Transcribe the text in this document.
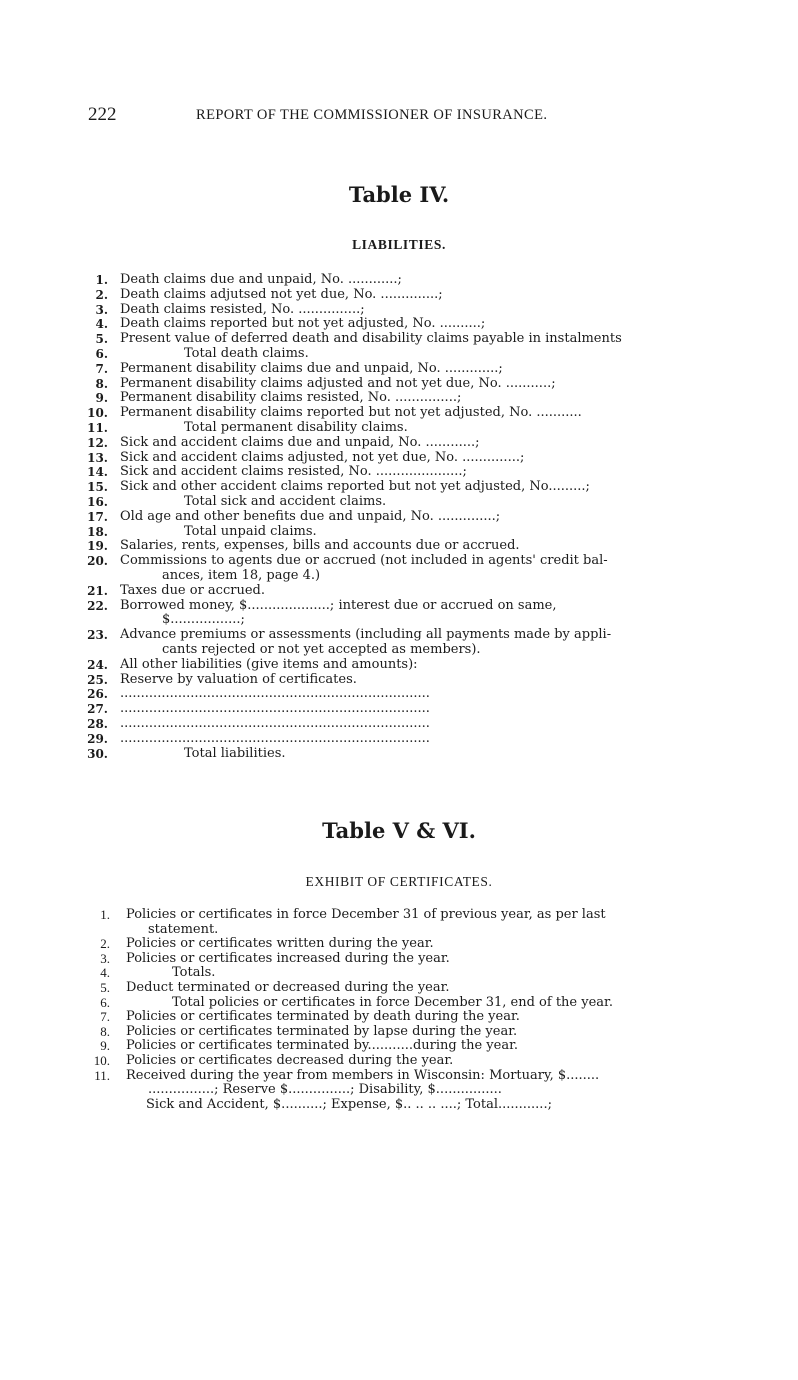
222	REPORT OF THE COMMISSIONER OF INSURANCE.
Table IV.
LIABILITIES.
1. Death claims due and unpaid, No. ............;
2. Death claims adjutsed not yet due, No. ..............;
3. Death claims resisted, No. ...............;
4. Death claims reported but not yet adjusted, No. ..........;
5. Present value of deferred death and disability claims payable in instalments
6.	Total death claims.
7. Permanent disability claims due and unpaid, No. .............;
8. Permanent disability claims adjusted and not yet due, No. ...........;
9. Permanent disability claims resisted, No. ...............;
10. Permanent disability claims reported but not yet adjusted, No. ...........
11.	Total permanent disability claims.
12. Sick and accident claims due and unpaid, No. ............;
13. Sick and accident claims adjusted, not yet due, No. ..............;
14. Sick and accident claims resisted, No. .....................;
15. Sick and other accident claims reported but not yet adjusted, No.........;
16.	Total sick and accident claims.
17. Old age and other benefits due and unpaid, No. ..............;
18.	Total unpaid claims.
19. Salaries, rents, expenses, bills and accounts due or accrued.
20. Commissions to agents due or accrued (not included in agents' credit bal-
ances, item 18, page 4.)
21. Taxes due or accrued.
22. Borrowed money, $....................; interest due or accrued on same,
$.................;
23. Advance premiums or assessments (including all payments made by appli-
cants rejected or not yet accepted as members).
24. All other liabilities (give items and amounts):
25. Reserve by valuation of certificates.
26. ...........................................................................
27. ...........................................................................
28. ...........................................................................
29. ...........................................................................
30.	Total liabilities.
Table V & VI.
EXHIBIT OF CERTIFICATES.
1. Policies or certificates in force December 31 of previous year, as per last
statement.
2. Policies or certificates written during the year.
3. Policies or certificates increased during the year.
4.	Totals.
5. Deduct terminated or decreased during the year.
6.	Total policies or certificates in force December 31, end of the year.
7. Policies or certificates terminated by death during the year.
8. Policies or certificates terminated by lapse during the year.
9. Policies or certificates terminated by...........during the year.
10. Policies or certificates decreased during the year.
11. Received during the year from members in Wisconsin: Mortuary, $........
................; Reserve $...............; Disability, $................
Sick and Accident, $..........; Expense, $.. .. .. ....; Total............;
